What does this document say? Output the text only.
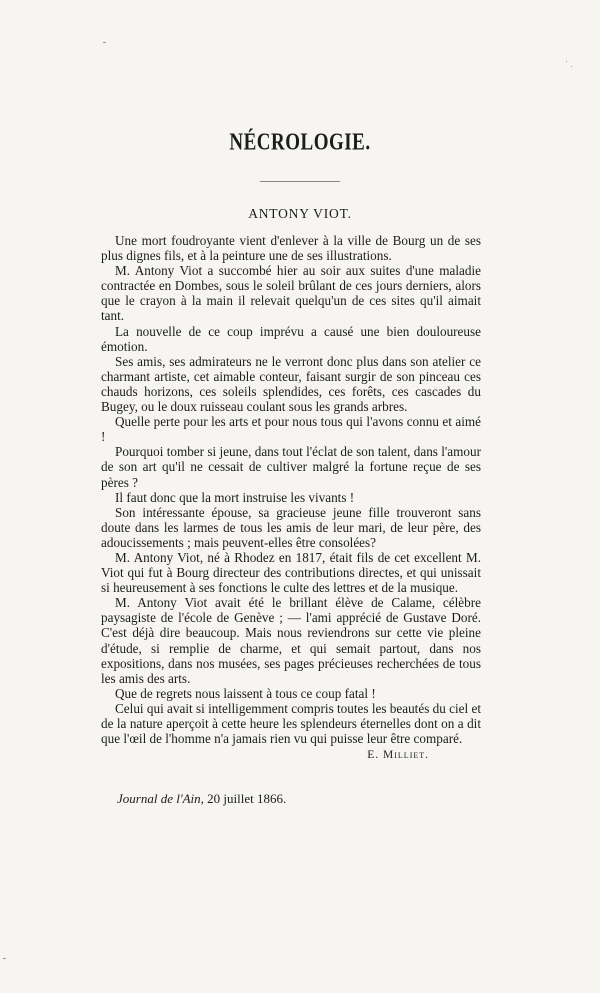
NÉCROLOGIE.
ANTONY VIOT.

Une mort foudroyante vient d'enlever à la ville de Bourg un de ses plus dignes fils, et à la peinture une de ses illustrations.

M. Antony Viot a succombé hier au soir aux suites d'une maladie contractée en Dombes, sous le soleil brûlant de ces jours derniers, alors que le crayon à la main il relevait quelqu'un de ces sites qu'il aimait tant.

La nouvelle de ce coup imprévu a causé une bien douloureuse émotion.

Ses amis, ses admirateurs ne le verront donc plus dans son atelier ce charmant artiste, cet aimable conteur, faisant surgir de son pinceau ces chauds horizons, ces soleils splendides, ces forêts, ces cascades du Bugey, ou le doux ruisseau coulant sous les grands arbres.

Quelle perte pour les arts et pour nous tous qui l'avons connu et aimé !

Pourquoi tomber si jeune, dans tout l'éclat de son talent, dans l'amour de son art qu'il ne cessait de cultiver malgré la fortune reçue de ses pères ?

Il faut donc que la mort instruise les vivants !

Son intéressante épouse, sa gracieuse jeune fille trouveront sans doute dans les larmes de tous les amis de leur mari, de leur père, des adoucissements ; mais peuvent-elles être consolées?

M. Antony Viot, né à Rhodez en 1817, était fils de cet excellent M. Viot qui fut à Bourg directeur des contributions directes, et qui unissait si heureusement à ses fonctions le culte des lettres et de la musique.

M. Antony Viot avait été le brillant élève de Calame, célèbre paysagiste de l'école de Genève ; — l'ami apprécié de Gustave Doré. C'est déjà dire beaucoup. Mais nous reviendrons sur cette vie pleine d'étude, si remplie de charme, et qui semait partout, dans nos expositions, dans nos musées, ses pages précieuses recherchées de tous les amis des arts.

Que de regrets nous laissent à tous ce coup fatal !

Celui qui avait si intelligemment compris toutes les beautés du ciel et de la nature aperçoit à cette heure les splendeurs éternelles dont on a dit que l'œil de l'homme n'a jamais rien vu qui puisse leur être comparé.

E. Milliet.
Journal de l'Ain, 20 juillet 1866.
